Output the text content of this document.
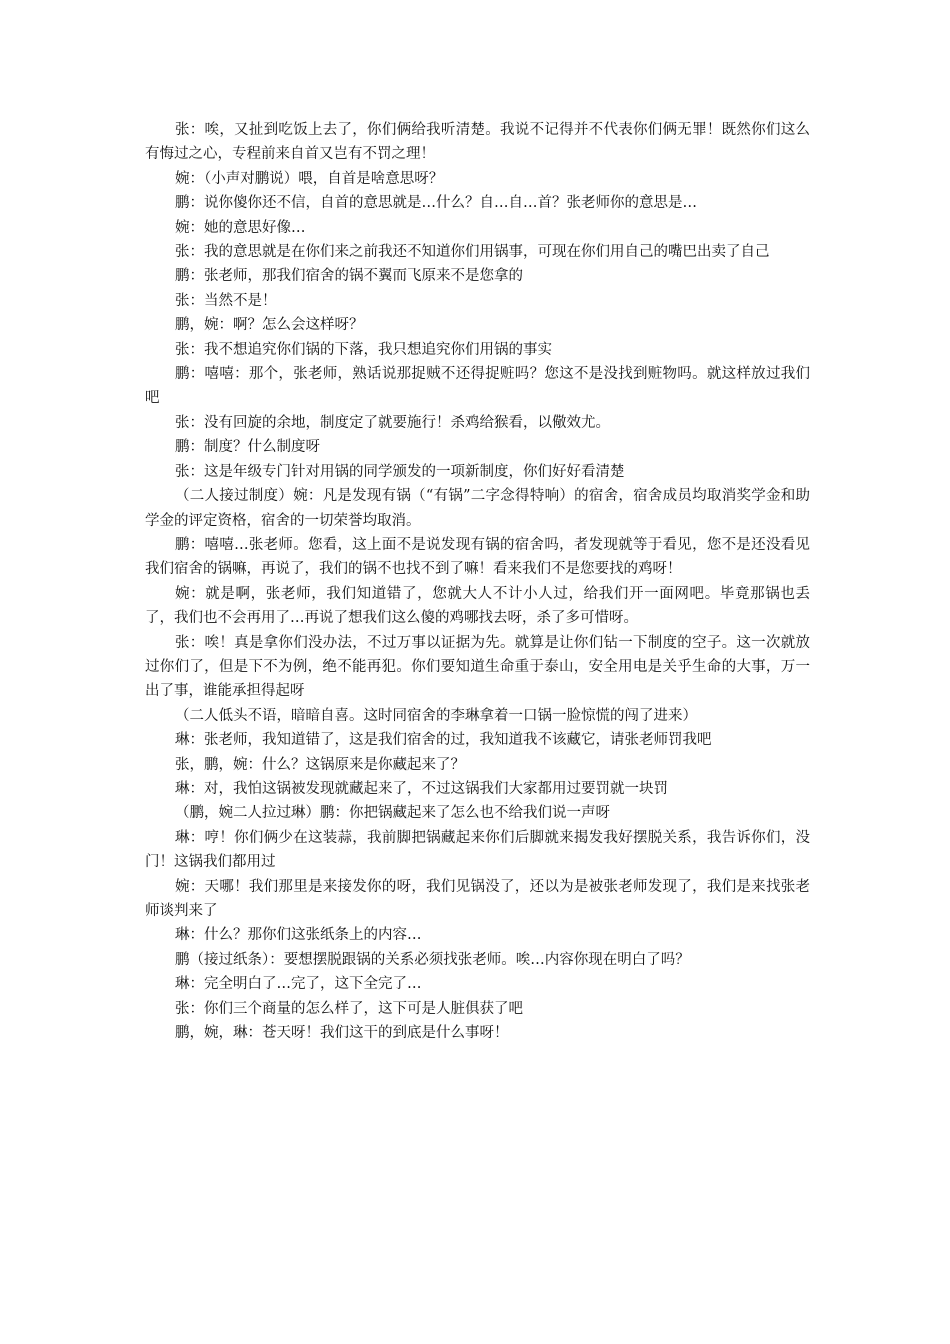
张：唉，又扯到吃饭上去了，你们俩给我听清楚。我说不记得并不代表你们俩无罪！既然你们这么有悔过之心，专程前来自首又岂有不罚之理！

婉：（小声对鹏说）喂，自首是啥意思呀？

鹏：说你傻你还不信，自首的意思就是…什么？自…自…首？张老师你的意思是…

婉：她的意思好像…

张：我的意思就是在你们来之前我还不知道你们用锅事，可现在你们用自己的嘴巴出卖了自己

鹏：张老师，那我们宿舍的锅不翼而飞原来不是您拿的

张：当然不是！

鹏，婉：啊？怎么会这样呀？

张：我不想追究你们锅的下落，我只想追究你们用锅的事实

鹏：嘻嘻：那个，张老师，熟话说那捉贼不还得捉赃吗？您这不是没找到赃物吗。就这样放过我们吧

张：没有回旋的余地，制度定了就要施行！杀鸡给猴看，以儆效尤。

鹏：制度？什么制度呀

张：这是年级专门针对用锅的同学颁发的一项新制度，你们好好看清楚

（二人接过制度）婉：凡是发现有锅（“有锅”二字念得特响）的宿舍，宿舍成员均取消奖学金和助学金的评定资格，宿舍的一切荣誉均取消。

鹏：嘻嘻…张老师。您看，这上面不是说发现有锅的宿舍吗，者发现就等于看见，您不是还没看见我们宿舍的锅嘛，再说了，我们的锅不也找不到了嘛！看来我们不是您要找的鸡呀！

婉：就是啊，张老师，我们知道错了，您就大人不计小人过，给我们开一面网吧。毕竟那锅也丢了，我们也不会再用了…再说了想我们这么傻的鸡哪找去呀，杀了多可惜呀。

张：唉！真是拿你们没办法，不过万事以证据为先。就算是让你们钻一下制度的空子。这一次就放过你们了，但是下不为例，绝不能再犯。你们要知道生命重于泰山，安全用电是关乎生命的大事，万一出了事，谁能承担得起呀

（二人低头不语，暗暗自喜。这时同宿舍的李琳拿着一口锅一脸惊慌的闯了进来）

琳：张老师，我知道错了，这是我们宿舍的过，我知道我不该藏它，请张老师罚我吧

张，鹏，婉：什么？这锅原来是你藏起来了？

琳：对，我怕这锅被发现就藏起来了，不过这锅我们大家都用过要罚就一块罚

（鹏，婉二人拉过琳）鹏：你把锅藏起来了怎么也不给我们说一声呀

琳：哼！你们俩少在这装蒜，我前脚把锅藏起来你们后脚就来揭发我好摆脱关系，我告诉你们，没门！这锅我们都用过

婉：天哪！我们那里是来接发你的呀，我们见锅没了，还以为是被张老师发现了，我们是来找张老师谈判来了

琳：什么？那你们这张纸条上的内容…

鹏（接过纸条）：要想摆脱跟锅的关系必须找张老师。唉…内容你现在明白了吗？

琳：完全明白了…完了，这下全完了…

张：你们三个商量的怎么样了，这下可是人脏俱获了吧

鹏，婉，琳：苍天呀！我们这干的到底是什么事呀！
